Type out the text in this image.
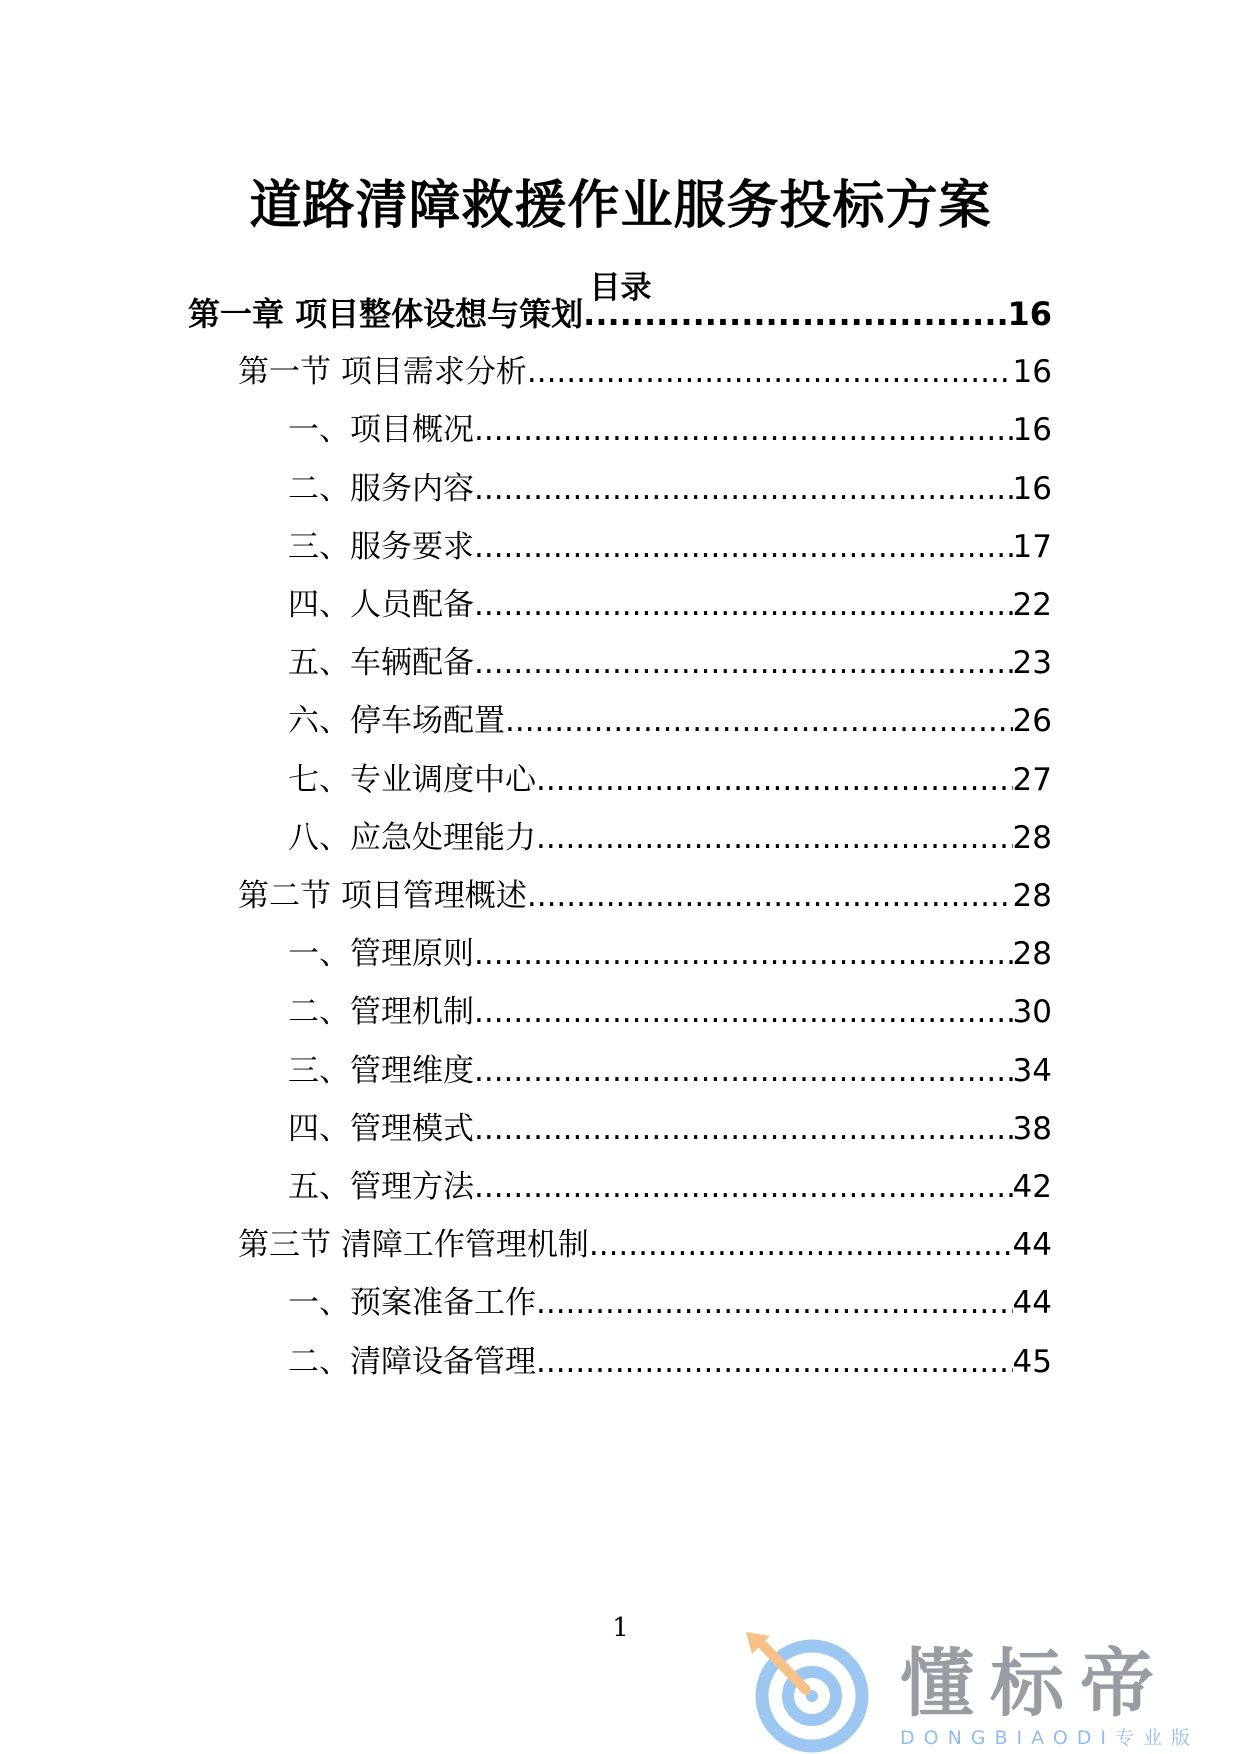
道路清障救援作业服务投标方案
目录
第一章 项目整体设想与策划 .....	16
第一节 项目需求分析 .....	16
一、项目概况 .....	16
二、服务内容 .....	16
三、服务要求 .....	17
四、人员配备 .....	22
五、车辆配备 .....	23
六、停车场配置 .....	26
七、专业调度中心 .....	27
八、应急处理能力 .....	28
第二节 项目管理概述 .....	28
一、管理原则 .....	28
二、管理机制 .....	30
三、管理维度 .....	34
四、管理模式 .....	38
五、管理方法 .....	42
第三节 清障工作管理机制 .....	44
一、预案准备工作 .....	44
二、清障设备管理 .....	45
1
懂标帝
DONGBIAODI专业版
